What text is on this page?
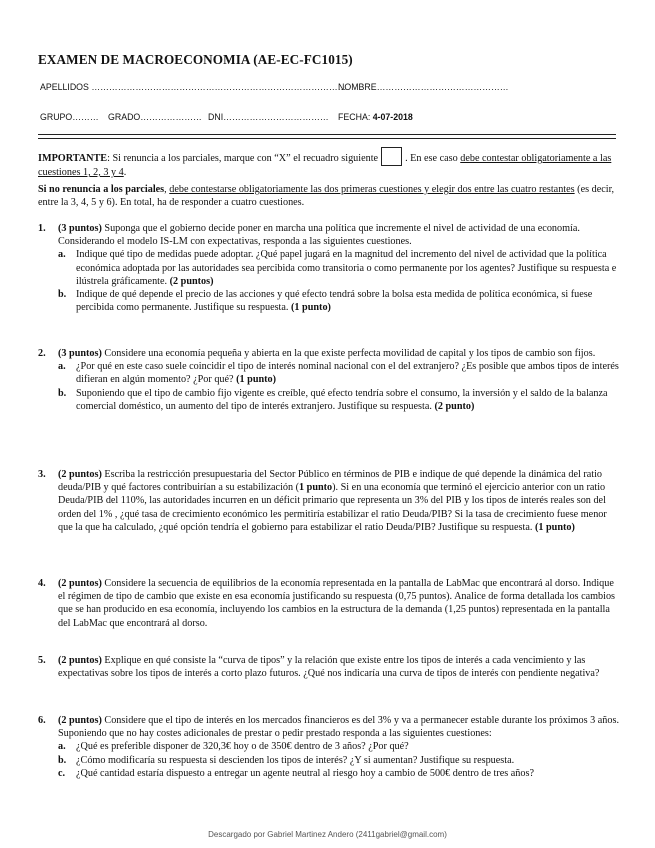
EXAMEN DE MACROECONOMIA (AE-EC-FC1015)
APELLIDOS ……………………………………………………………………………
NOMBRE………………………………………
GRUPO……… GRADO………………… DNI……………………………… FECHA: 4-07-2018
IMPORTANTE: Si renuncia a los parciales, marque con “X” el recuadro siguiente	. En ese caso debe contestar obligatoriamente a las cuestiones 1, 2, 3 y 4.
Si no renuncia a los parciales, debe contestarse obligatoriamente las dos primeras cuestiones y elegir dos entre las cuatro restantes (es decir, entre la 3, 4, 5 y 6). En total, ha de responder a cuatro cuestiones.
1. (3 puntos) Suponga que el gobierno decide poner en marcha una política que incremente el nivel de actividad de una economía. Considerando el modelo IS-LM con expectativas, responda a las siguientes cuestiones.
a. Indique qué tipo de medidas puede adoptar. ¿Qué papel jugará en la magnitud del incremento del nivel de actividad que la política económica adoptada por las autoridades sea percibida como transitoria o como permanente por los agentes? Justifique su respuesta e ilústrela gráficamente. (2 puntos)
b. Indique de qué depende el precio de las acciones y qué efecto tendrá sobre la bolsa esta medida de política económica, si fuese percibida como permanente. Justifique su respuesta. (1 punto)
2. (3 puntos) Considere una economía pequeña y abierta en la que existe perfecta movilidad de capital y los tipos de cambio son fijos.
a. ¿Por qué en este caso suele coincidir el tipo de interés nominal nacional con el del extranjero? ¿Es posible que ambos tipos de interés difieran en algún momento? ¿Por qué? (1 punto)
b. Suponiendo que el tipo de cambio fijo vigente es creíble, qué efecto tendría sobre el consumo, la inversión y el saldo de la balanza comercial doméstico, un aumento del tipo de interés extranjero. Justifique su respuesta. (2 punto)
3. (2 puntos) Escriba la restricción presupuestaria del Sector Público en términos de PIB e indique de qué depende la dinámica del ratio deuda/PIB y qué factores contribuirían a su estabilización (1 punto). Si en una economía que terminó el ejercicio anterior con un ratio Deuda/PIB del 110%, las autoridades incurren en un déficit primario que representa un 3% del PIB y los tipos de interés reales son del orden del 1% , ¿qué tasa de crecimiento económico les permitiría estabilizar el ratio Deuda/PIB? Si la tasa de crecimiento fuese menor que la que ha calculado, ¿qué opción tendría el gobierno para estabilizar el ratio Deuda/PIB? Justifique su respuesta. (1 punto)
4. (2 puntos) Considere la secuencia de equilibrios de la economía representada en la pantalla de LabMac que encontrará al dorso. Indique el régimen de tipo de cambio que existe en esa economía justificando su respuesta (0,75 puntos). Analice de forma detallada los cambios que se han producido en esa economía, incluyendo los cambios en la estructura de la demanda (1,25 puntos) representada en la pantalla del LabMac que encontrará al dorso.
5. (2 puntos) Explique en qué consiste la “curva de tipos” y la relación que existe entre los tipos de interés a cada vencimiento y las expectativas sobre los tipos de interés a corto plazo futuros. ¿Qué nos indicaría una curva de tipos de interés con pendiente negativa?
6. (2 puntos) Considere que el tipo de interés en los mercados financieros es del 3% y va a permanecer estable durante los próximos 3 años. Suponiendo que no hay costes adicionales de prestar o pedir prestado responda a las siguientes cuestiones:
a. ¿Qué es preferible disponer de 320,3€ hoy o de 350€ dentro de 3 años? ¿Por qué?
b. ¿Cómo modificaría su respuesta si descienden los tipos de interés? ¿Y si aumentan? Justifique su respuesta.
c. ¿Qué cantidad estaría dispuesto a entregar un agente neutral al riesgo hoy a cambio de 500€ dentro de tres años?
Descargado por Gabriel Martinez Andero (2411gabriel@gmail.com)
